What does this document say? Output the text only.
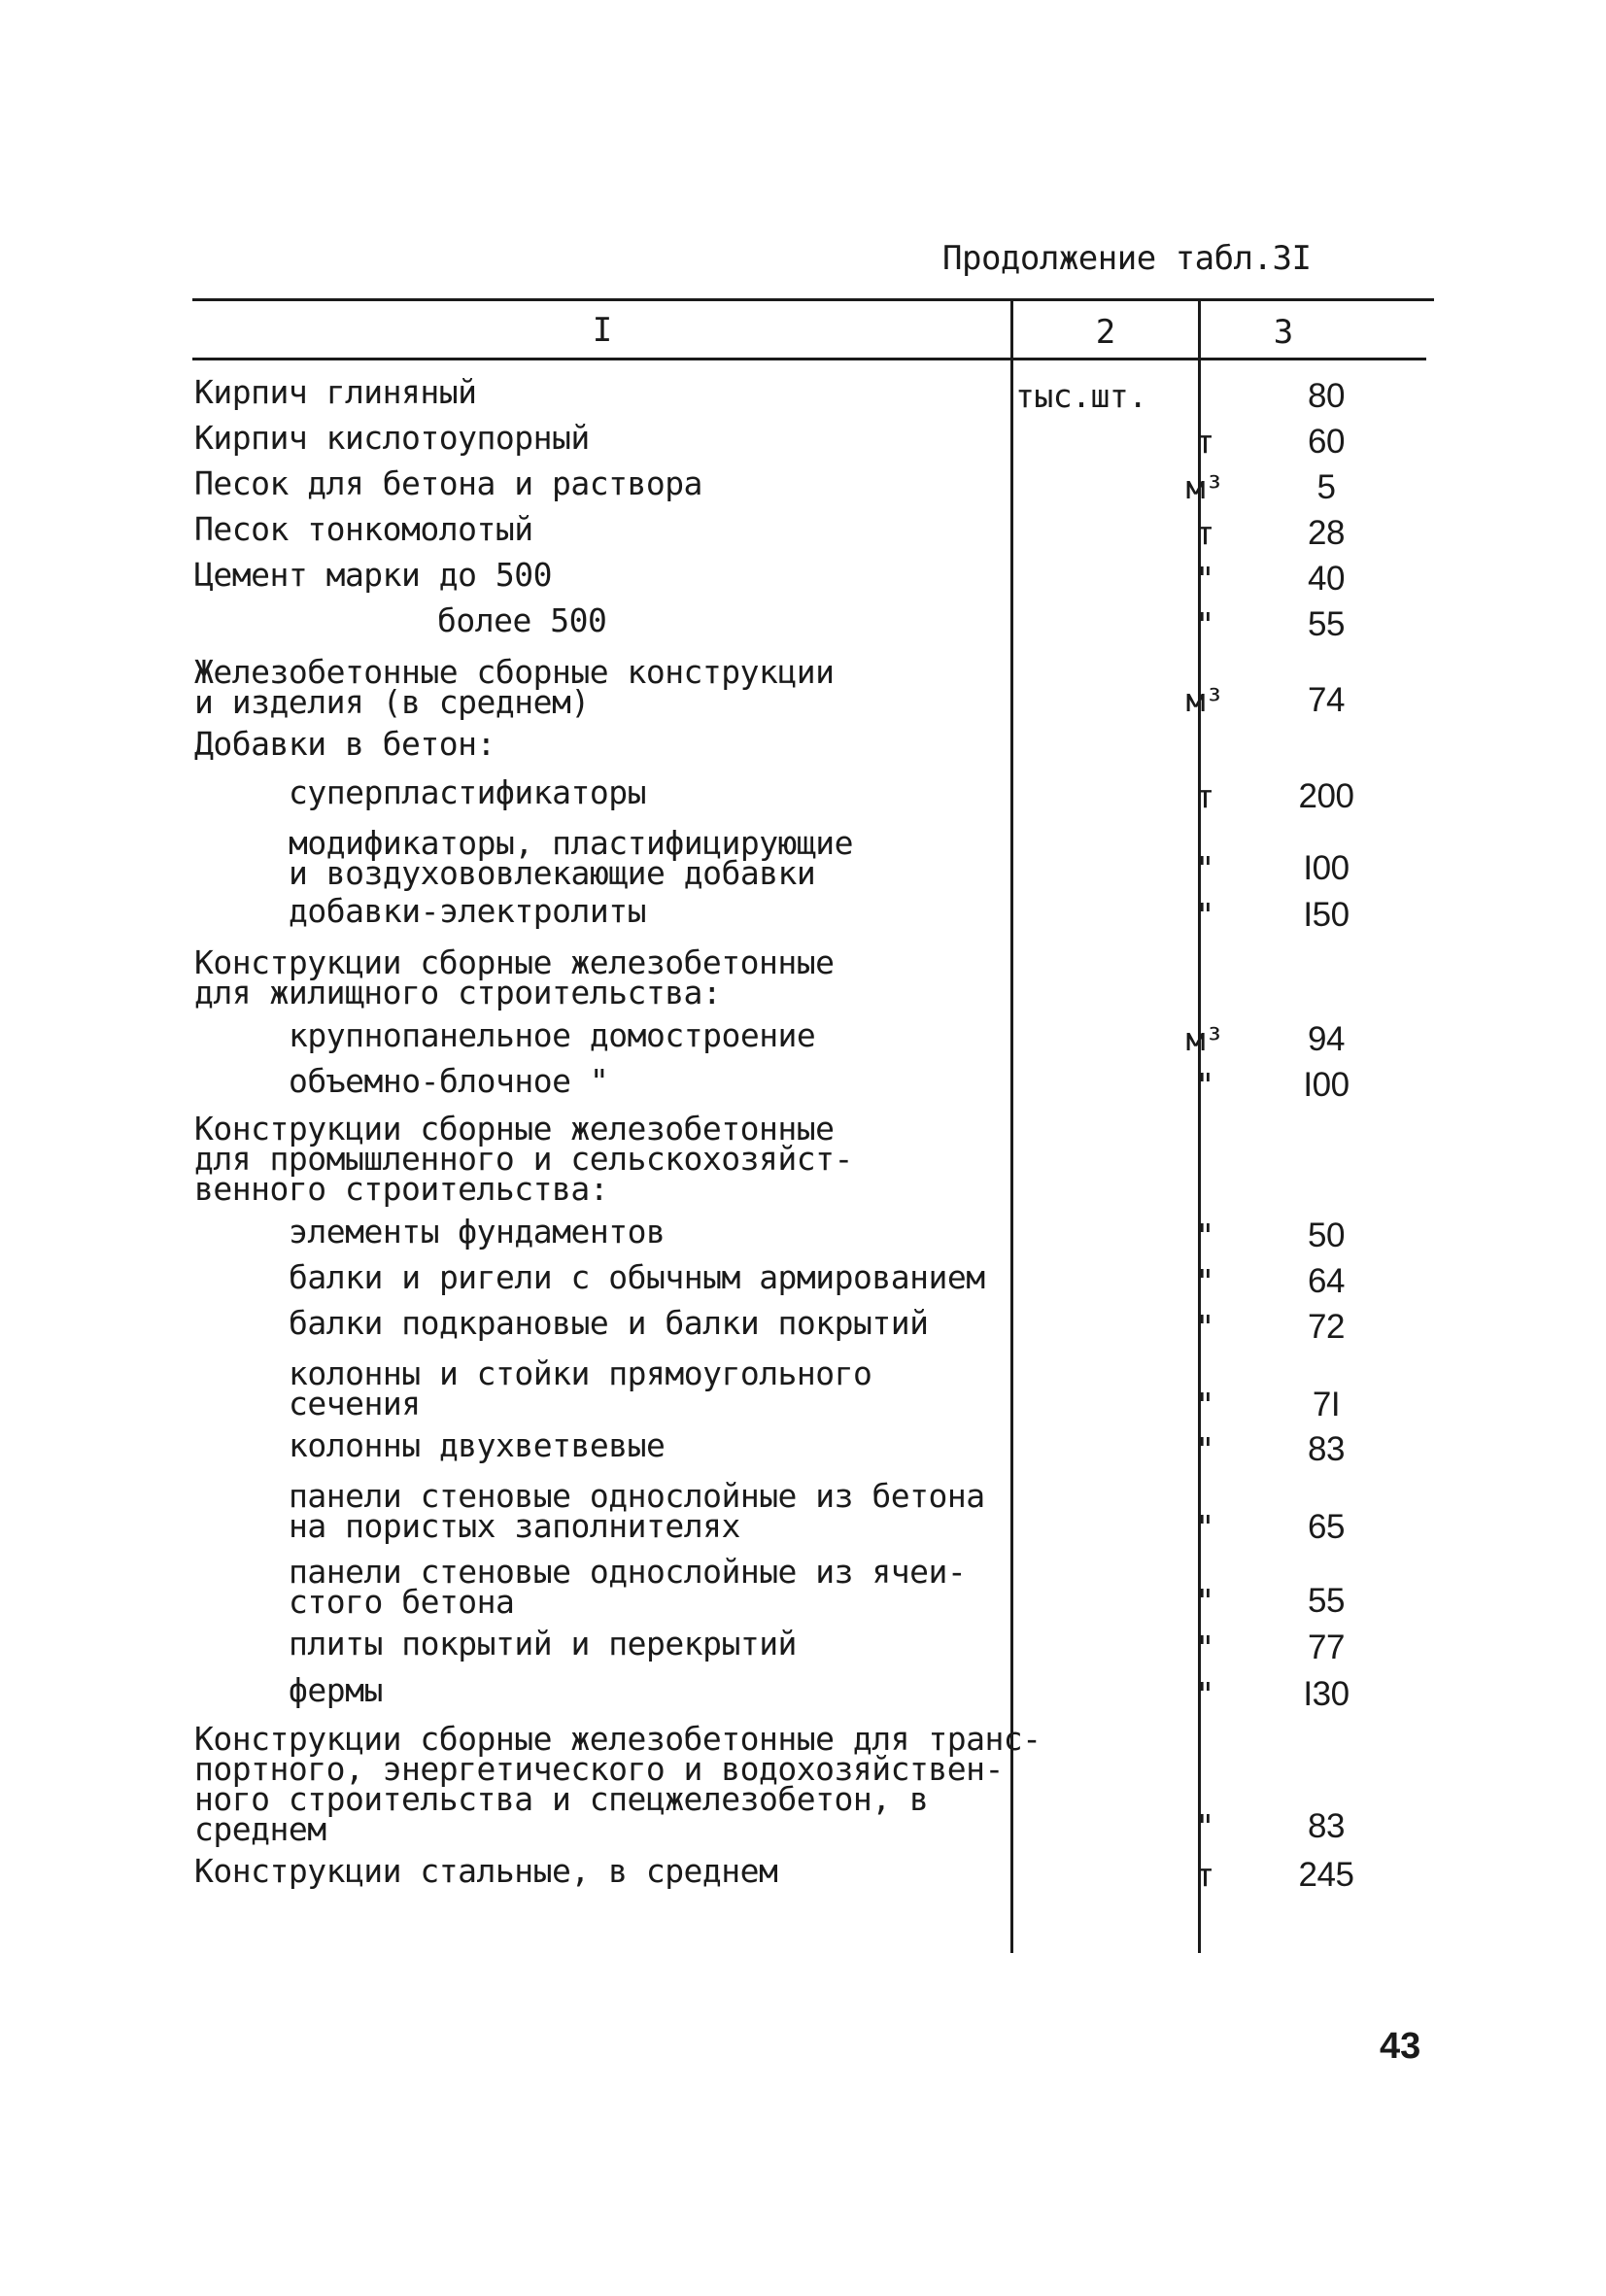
Продолжение табл.3I
I	2	3
Кирпич глиняный	тыс.шт.	80
Кирпич кислотоупорный	т	60
Песок для бетона и раствора	м³	5
Песок тонкомолотый	т	28
Цемент марки до 500	"	40
более 500	"	55
Железобетонные сборные конструкции
и изделия (в среднем)	м³	74
Добавки в бетон:
суперпластификаторы	т	200
модификаторы, пластифицирующие
и воздухововлекающие добавки	"	I00
добавки-электролиты	"	I50
Конструкции сборные железобетонные
для жилищного строительства:
крупнопанельное домостроение	м³	94
объемно-блочное "	"	I00
Конструкции сборные железобетонные
для промышленного и сельскохозяйст-
венного строительства:
элементы фундаментов	"	50
балки и ригели с обычным армированием	"	64
балки подкрановые и балки покрытий	"	72
колонны и стойки прямоугольного
сечения	"	7I
колонны двухветвевые	"	83
панели стеновые однослойные из бетона
на пористых заполнителях	"	65
панели стеновые однослойные из ячеи-
стого бетона	"	55
плиты покрытий и перекрытий	"	77
фермы	"	I30
Конструкции сборные железобетонные для транс-
портного, энергетического и водохозяйствен-
ного строительства и спецжелезобетон, в
среднем	"	83
Конструкции стальные, в среднем	т	245
43
